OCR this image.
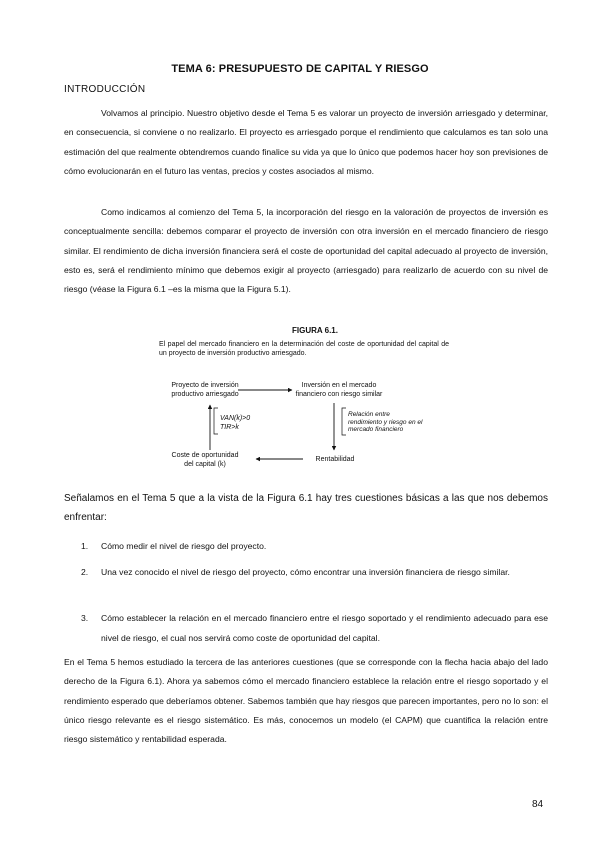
TEMA 6: PRESUPUESTO DE CAPITAL Y RIESGO
INTRODUCCIÓN

Volvamos al principio. Nuestro objetivo desde el Tema 5 es valorar un proyecto de inversión arriesgado y determinar, en consecuencia, si conviene o no realizarlo. El proyecto es arriesgado porque el rendimiento que calculamos es tan solo una estimación del que realmente obtendremos cuando finalice su vida ya que lo único que podemos hacer hoy son previsiones de cómo evolucionarán en el futuro las ventas, precios y costes asociados al mismo.

Como indicamos al comienzo del Tema 5, la incorporación del riesgo en la valoración de proyectos de inversión es conceptualmente sencilla: debemos comparar el proyecto de inversión con otra inversión en el mercado financiero de riesgo similar. El rendimiento de dicha inversión financiera será el coste de oportunidad del capital adecuado al proyecto de inversión, esto es, será el rendimiento mínimo que debemos exigir al proyecto (arriesgado) para realizarlo de acuerdo con su nivel de riesgo (véase la Figura 6.1 –es la misma que la Figura 5.1).

FIGURA 6.1.
El papel del mercado financiero en la determinación del coste de oportunidad del capital de un proyecto de inversión productivo arriesgado.
Proyecto de inversión
productivo arriesgado
Inversión en el mercado
financiero con riesgo similar
VAN(k)>0
TIR>k
Relación entre
rendimiento y riesgo en el
mercado financiero
Coste de oportunidad
del capital (k)
Rentabilidad

Señalamos en el Tema 5 que a la vista de la Figura 6.1 hay tres cuestiones básicas a las que nos debemos enfrentar:

1. Cómo medir el nivel de riesgo del proyecto.
2. Una vez conocido el nivel de riesgo del proyecto, cómo encontrar una inversión financiera de riesgo similar.
3. Cómo establecer la relación en el mercado financiero entre el riesgo soportado y el rendimiento adecuado para ese nivel de riesgo, el cual nos servirá como coste de oportunidad del capital.

En el Tema 5 hemos estudiado la tercera de las anteriores cuestiones (que se corresponde con la flecha hacia abajo del lado derecho de la Figura 6.1). Ahora ya sabemos cómo el mercado financiero establece la relación entre el riesgo soportado y el rendimiento esperado que deberíamos obtener. Sabemos también que hay riesgos que parecen importantes, pero no lo son: el único riesgo relevante es el riesgo sistemático. Es más, conocemos un modelo (el CAPM) que cuantifica la relación entre riesgo sistemático y rentabilidad esperada.

84
